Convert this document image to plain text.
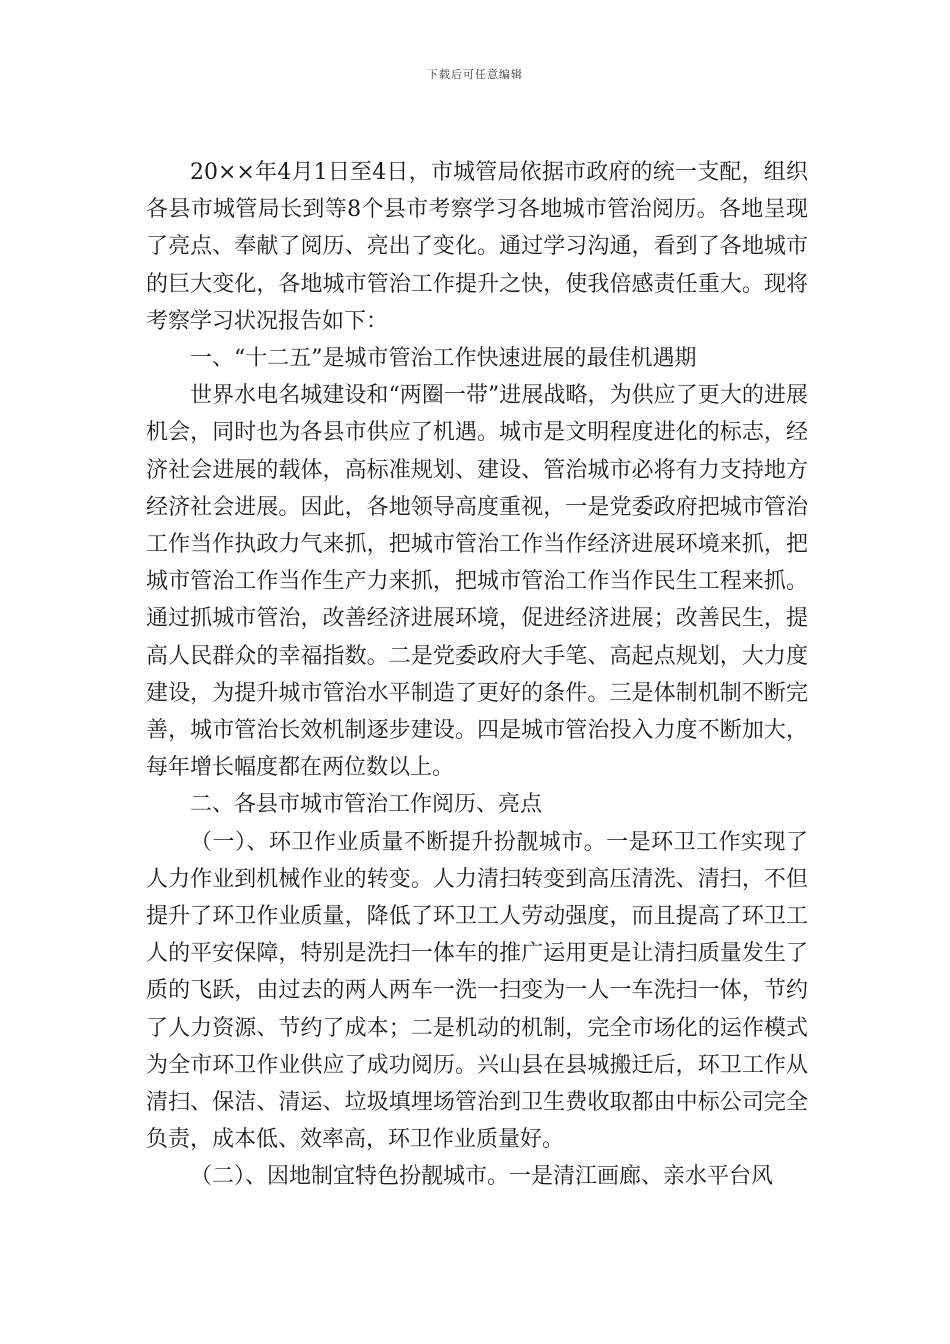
下载后可任意编辑

20××年4月1日至4日，市城管局依据市政府的统一支配，组织各县市城管局长到等8个县市考察学习各地城市管治阅历。各地呈现了亮点、奉献了阅历、亮出了变化。通过学习沟通，看到了各地城市的巨大变化，各地城市管治工作提升之快，使我倍感责任重大。现将考察学习状况报告如下：

一、“十二五”是城市管治工作快速进展的最佳机遇期

世界水电名城建设和“两圈一带”进展战略，为供应了更大的进展机会，同时也为各县市供应了机遇。城市是文明程度进化的标志，经济社会进展的载体，高标准规划、建设、管治城市必将有力支持地方经济社会进展。因此，各地领导高度重视，一是党委政府把城市管治工作当作执政力气来抓，把城市管治工作当作经济进展环境来抓，把城市管治工作当作生产力来抓，把城市管治工作当作民生工程来抓。通过抓城市管治，改善经济进展环境，促进经济进展；改善民生，提高人民群众的幸福指数。二是党委政府大手笔、高起点规划，大力度建设，为提升城市管治水平制造了更好的条件。三是体制机制不断完善，城市管治长效机制逐步建设。四是城市管治投入力度不断加大，每年增长幅度都在两位数以上。

二、各县市城市管治工作阅历、亮点

（一）、环卫作业质量不断提升扮靓城市。一是环卫工作实现了人力作业到机械作业的转变。人力清扫转变到高压清洗、清扫，不但提升了环卫作业质量，降低了环卫工人劳动强度，而且提高了环卫工人的平安保障，特别是洗扫一体车的推广运用更是让清扫质量发生了质的飞跃，由过去的两人两车一洗一扫变为一人一车洗扫一体，节约了人力资源、节约了成本；二是机动的机制，完全市场化的运作模式为全市环卫作业供应了成功阅历。兴山县在县城搬迁后，环卫工作从清扫、保洁、清运、垃圾填埋场管治到卫生费收取都由中标公司完全负责，成本低、效率高，环卫作业质量好。

（二）、因地制宜特色扮靓城市。一是清江画廊、亲水平台风
